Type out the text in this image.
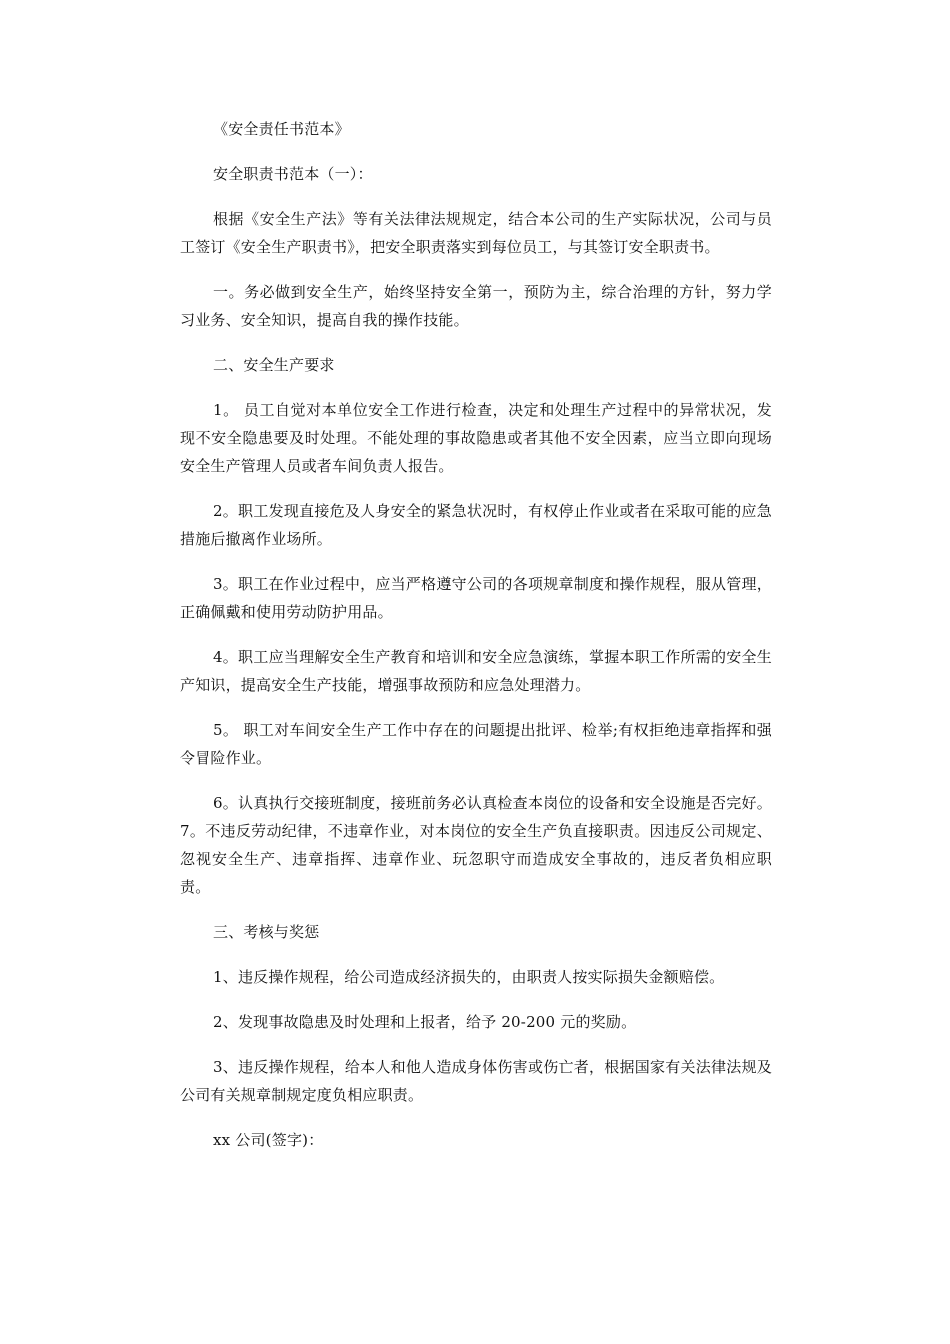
《安全责任书范本》

安全职责书范本（一）：

根据《安全生产法》等有关法律法规规定，结合本公司的生产实际状况，公司与员工签订《安全生产职责书》，把安全职责落实到每位员工，与其签订安全职责书。

一。务必做到安全生产，始终坚持安全第一，预防为主，综合治理的方针，努力学习业务、安全知识，提高自我的操作技能。

二、安全生产要求

1。 员工自觉对本单位安全工作进行检查，决定和处理生产过程中的异常状况，发现不安全隐患要及时处理。不能处理的事故隐患或者其他不安全因素，应当立即向现场安全生产管理人员或者车间负责人报告。

2。职工发现直接危及人身安全的紧急状况时，有权停止作业或者在采取可能的应急措施后撤离作业场所。

3。职工在作业过程中，应当严格遵守公司的各项规章制度和操作规程，服从管理，正确佩戴和使用劳动防护用品。

4。职工应当理解安全生产教育和培训和安全应急演练，掌握本职工作所需的安全生产知识，提高安全生产技能，增强事故预防和应急处理潜力。

5。 职工对车间安全生产工作中存在的问题提出批评、检举;有权拒绝违章指挥和强令冒险作业。

6。认真执行交接班制度，接班前务必认真检查本岗位的设备和安全设施是否完好。 7。不违反劳动纪律，不违章作业，对本岗位的安全生产负直接职责。因违反公司规定、忽视安全生产、违章指挥、违章作业、玩忽职守而造成安全事故的，违反者负相应职责。

三、考核与奖惩

1、违反操作规程，给公司造成经济损失的，由职责人按实际损失金额赔偿。

2、发现事故隐患及时处理和上报者，给予 20-200 元的奖励。

3、违反操作规程，给本人和他人造成身体伤害或伤亡者，根据国家有关法律法规及公司有关规章制规定度负相应职责。

xx 公司(签字)：
